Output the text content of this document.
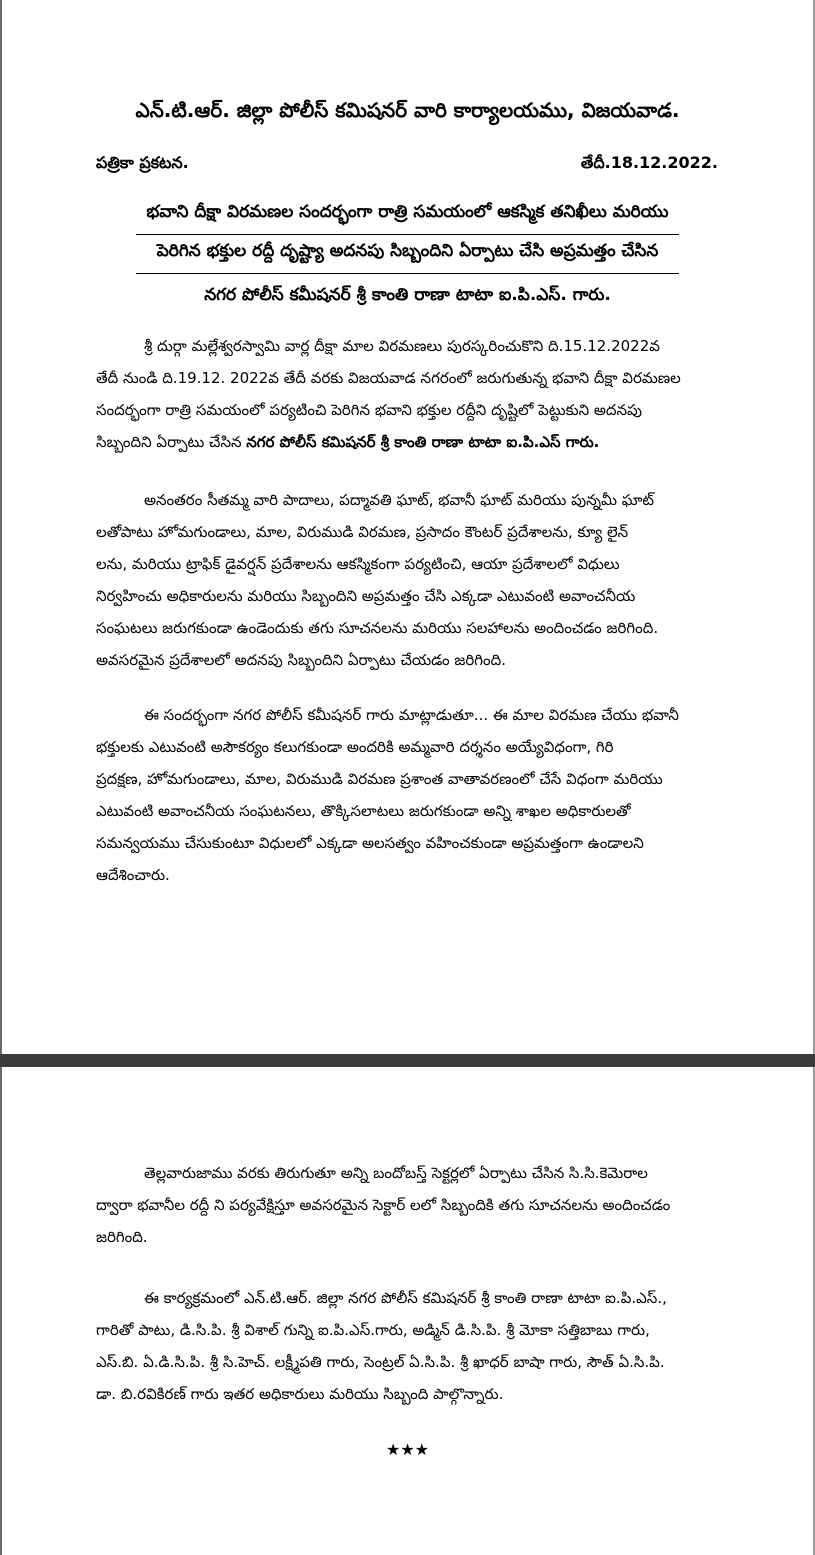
ఎన్.టి.ఆర్. జిల్లా పోలీస్ కమిషనర్ వారి కార్యాలయము, విజయవాడ.
పత్రికా ప్రకటన.	తేదీ.18.12.2022.
భవాని దీక్షా విరమణల సందర్భంగా రాత్రి సమయంలో ఆకస్మిక తనిఖీలు మరియు
పెరిగిన భక్తుల రద్దీ దృష్ట్యా అదనపు సిబ్బందిని ఏర్పాటు చేసి అప్రమత్తం చేసిన
నగర పోలీస్ కమీషనర్ శ్రీ కాంతి రాణా టాటా ఐ.పి.ఎస్. గారు.
శ్రీ దుర్గా మల్లేశ్వరస్వామి వార్ల దీక్షా మాల విరమణలు పురస్కరించుకొని ది.15.12.2022వ
తేదీ నుండి ది.19.12. 2022వ తేదీ వరకు విజయవాడ నగరంలో జరుగుతున్న భవాని దీక్షా విరమణల
సందర్భంగా రాత్రి సమయంలో పర్యటించి పెరిగిన భవాని భక్తుల రద్దీని దృష్టిలో పెట్టుకుని అదనపు
సిబ్బందిని ఏర్పాటు చేసిన నగర పోలీస్ కమిషనర్ శ్రీ కాంతి రాణా టాటా ఐ.పి.ఎస్ గారు.
అనంతరం సీతమ్మ వారి పాదాలు, పద్మావతి ఘాట్, భవానీ ఘాట్ మరియు పున్నమీ ఘాట్
లతోపాటు హోమగుండాలు, మాల, విరుముడి విరమణ, ప్రసాదం కౌంటర్ ప్రదేశాలను, క్యూ లైన్
లను, మరియు ట్రాఫిక్ డైవర్షన్ ప్రదేశాలను ఆకస్మికంగా పర్యటించి, ఆయా ప్రదేశాలలో విధులు
నిర్వహించు అధికారులను మరియు సిబ్బందిని అప్రమత్తం చేసి ఎక్కడా ఎటువంటి అవాంచనీయ
సంఘటలు జరుగకుండా ఉండెందుకు తగు సూచనలను మరియు సలహాలను అందించడం జరిగింది.
అవసరమైన ప్రదేశాలలో అదనపు సిబ్బందిని ఏర్పాటు చేయడం జరిగింది.
ఈ సందర్భంగా నగర పోలీస్ కమీషనర్ గారు మాట్లాడుతూ... ఈ మాల విరమణ చేయు భవానీ
భక్తులకు ఎటువంటి అసౌకర్యం కలుగకుండా అందరికి అమ్మవారి దర్శనం అయ్యేవిధంగా, గిరి
ప్రదక్షణ, హోమగుండాలు, మాల, విరుముడి విరమణ ప్రశాంత వాతావరణంలో చేసే విధంగా మరియు
ఎటువంటి అవాంచనీయ సంఘటనలు, తొక్కిసలాటలు జరుగకుండా అన్ని శాఖల అధికారులతో
సమన్వయము చేసుకుంటూ విధులలో ఎక్కడా అలసత్వం వహించకుండా అప్రమత్తంగా ఉండాలని
ఆదేశించారు.
తెల్లవారుజాము వరకు తిరుగుతూ అన్ని బందోబస్త్ సెక్టర్లలో ఏర్పాటు చేసిన సి.సి.కెమెరాల
ద్వారా భవానీల రద్దీ ని పర్యవేక్షిస్తూ అవసరమైన సెక్టార్ లలో సిబ్బందికి తగు సూచనలను అందించడం
జరిగింది.
ఈ కార్యక్రమంలో ఎన్.టి.ఆర్. జిల్లా నగర పోలీస్ కమిషనర్ శ్రీ కాంతి రాణా టాటా ఐ.పి.ఎస్.,
గారితో పాటు, డి.సి.పి. శ్రీ విశాల్ గున్ని ఐ.పి.ఎస్.గారు, అడ్మిన్ డి.సి.పి. శ్రీ మోకా సత్తిబాబు గారు,
ఎస్.బి. ఏ.డి.సి.పి. శ్రీ సి.హెచ్. లక్ష్మీపతి గారు, సెంట్రల్ ఏ.సి.పి. శ్రీ ఖాధర్ బాషా గారు, సౌత్ ఏ.సి.పి.
డా. బి.రవికిరణ్ గారు ఇతర అధికారులు మరియు సిబ్బంది పాల్గొన్నారు.
★★★
